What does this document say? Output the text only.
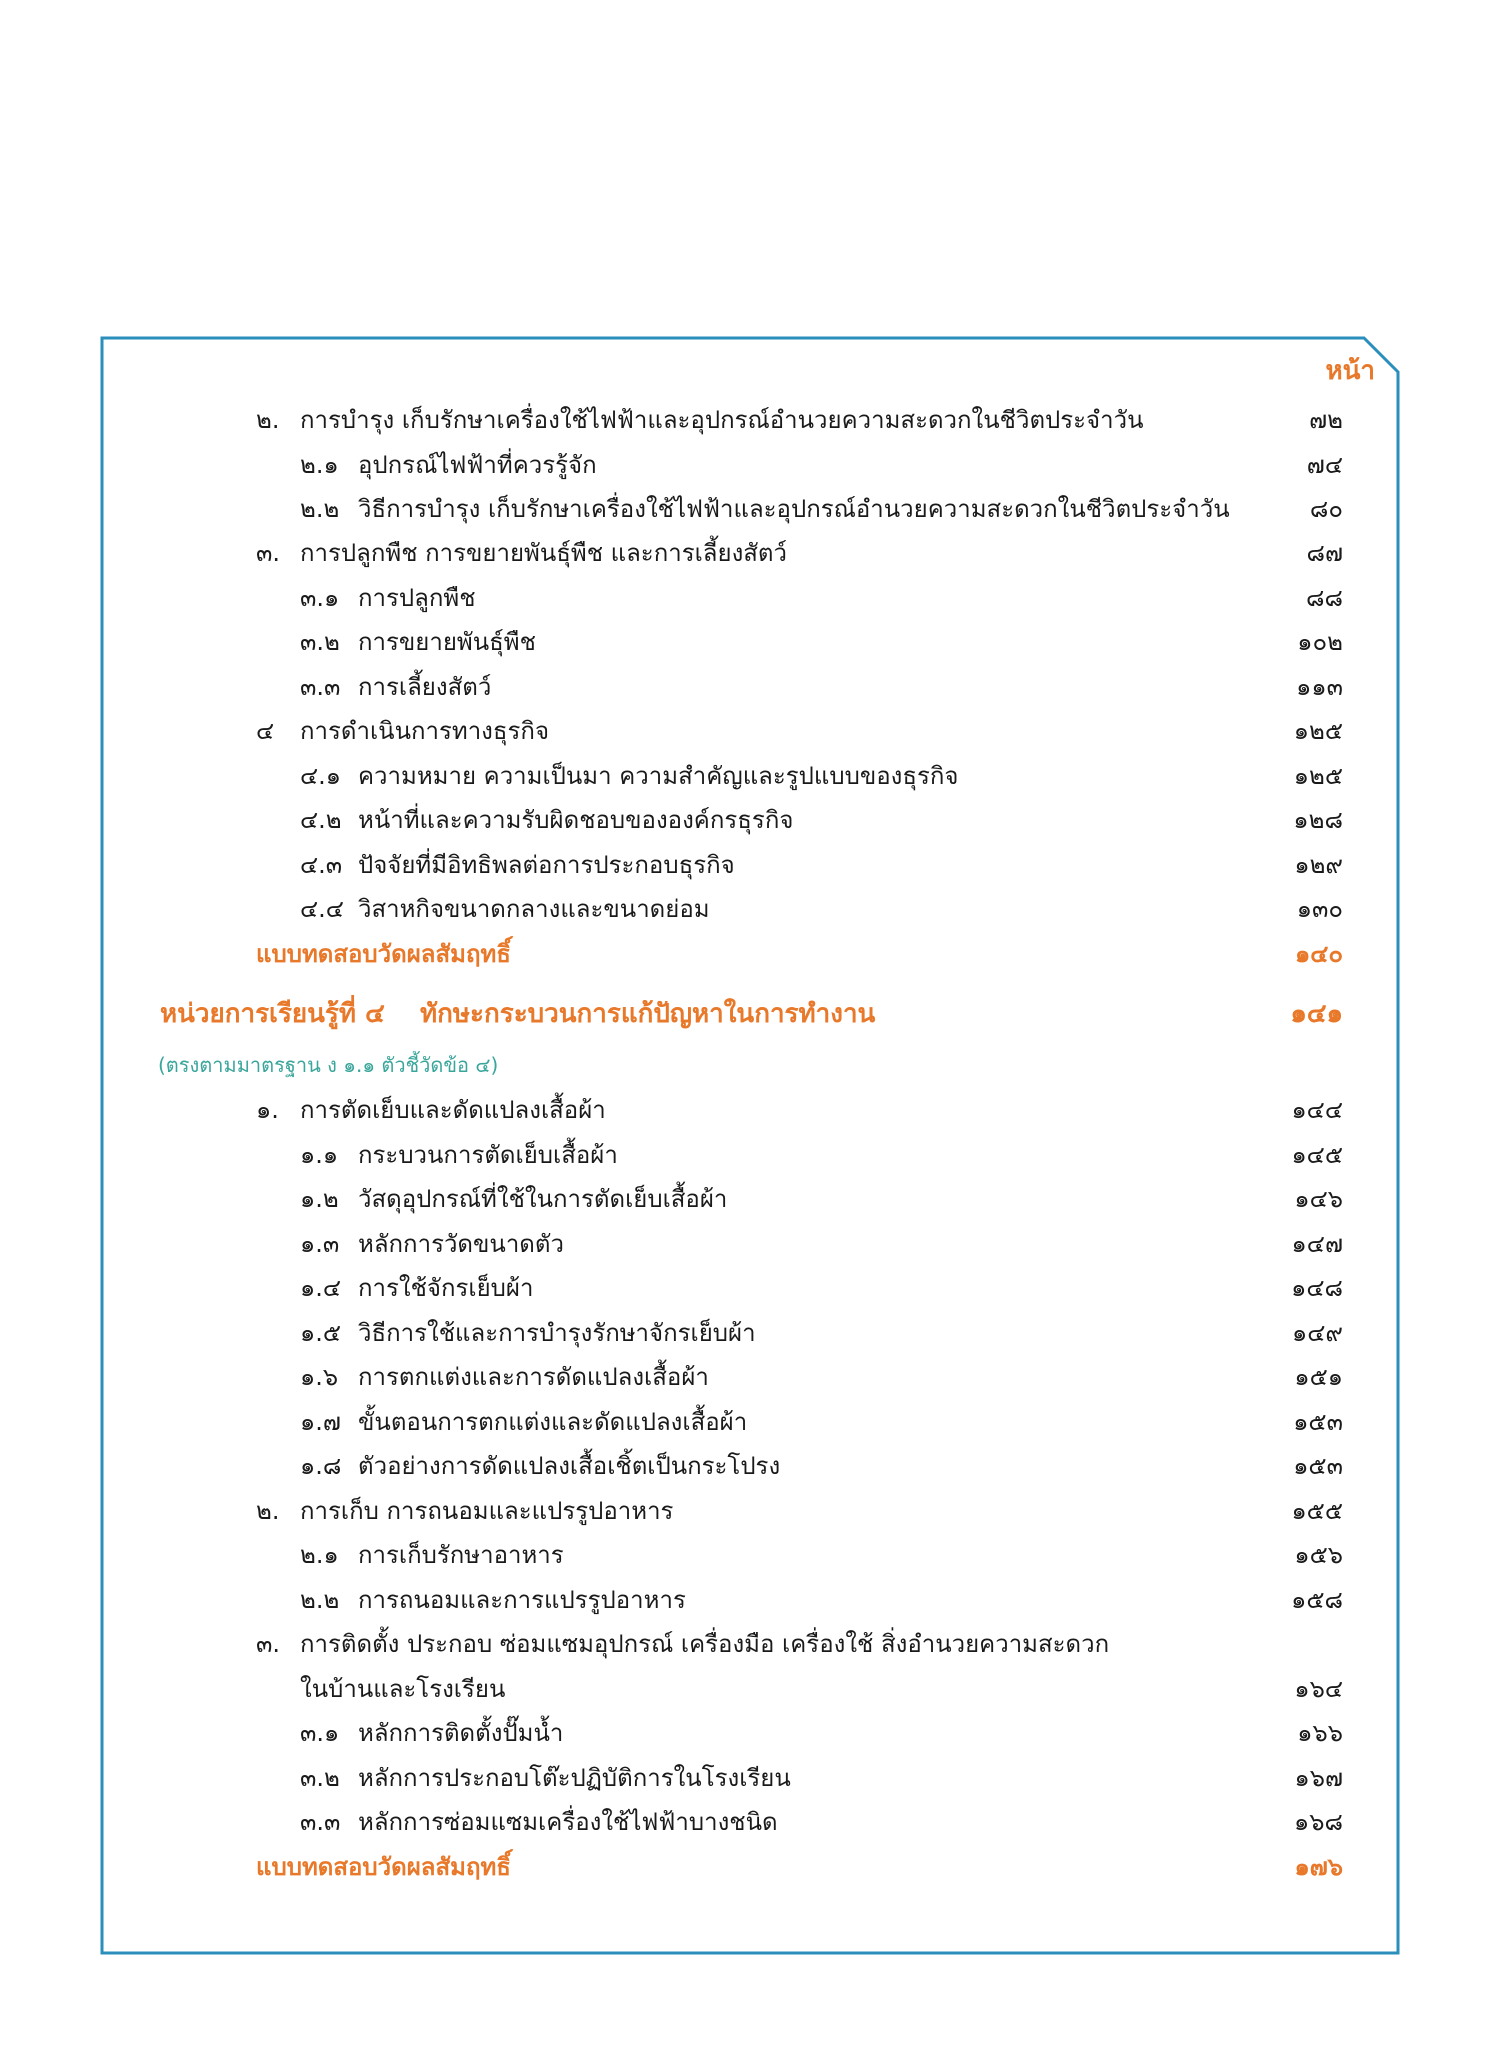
หน้า
๒. การบำรุง เก็บรักษาเครื่องใช้ไฟฟ้าและอุปกรณ์อำนวยความสะดวกในชีวิตประจำวัน	๗๒
๒.๑ อุปกรณ์ไฟฟ้าที่ควรรู้จัก	๗๔
๒.๒ วิธีการบำรุง เก็บรักษาเครื่องใช้ไฟฟ้าและอุปกรณ์อำนวยความสะดวกในชีวิตประจำวัน	๘๐
๓. การปลูกพืช การขยายพันธุ์พืช และการเลี้ยงสัตว์	๘๗
๓.๑ การปลูกพืช	๘๘
๓.๒ การขยายพันธุ์พืช	๑๐๒
๓.๓ การเลี้ยงสัตว์	๑๑๓
๔ การดำเนินการทางธุรกิจ	๑๒๕
๔.๑ ความหมาย ความเป็นมา ความสำคัญและรูปแบบของธุรกิจ	๑๒๕
๔.๒ หน้าที่และความรับผิดชอบขององค์กรธุรกิจ	๑๒๘
๔.๓ ปัจจัยที่มีอิทธิพลต่อการประกอบธุรกิจ	๑๒๙
๔.๔ วิสาหกิจขนาดกลางและขนาดย่อม	๑๓๐
แบบทดสอบวัดผลสัมฤทธิ์	๑๔๐
หน่วยการเรียนรู้ที่ ๔ ทักษะกระบวนการแก้ปัญหาในการทำงาน	๑๔๑
(ตรงตามมาตรฐาน ง ๑.๑ ตัวชี้วัดข้อ ๔)
๑. การตัดเย็บและดัดแปลงเสื้อผ้า	๑๔๔
๑.๑ กระบวนการตัดเย็บเสื้อผ้า	๑๔๕
๑.๒ วัสดุอุปกรณ์ที่ใช้ในการตัดเย็บเสื้อผ้า	๑๔๖
๑.๓ หลักการวัดขนาดตัว	๑๔๗
๑.๔ การใช้จักรเย็บผ้า	๑๔๘
๑.๕ วิธีการใช้และการบำรุงรักษาจักรเย็บผ้า	๑๔๙
๑.๖ การตกแต่งและการดัดแปลงเสื้อผ้า	๑๕๑
๑.๗ ขั้นตอนการตกแต่งและดัดแปลงเสื้อผ้า	๑๕๓
๑.๘ ตัวอย่างการดัดแปลงเสื้อเชิ้ตเป็นกระโปรง	๑๕๓
๒. การเก็บ การถนอมและแปรรูปอาหาร	๑๕๕
๒.๑ การเก็บรักษาอาหาร	๑๕๖
๒.๒ การถนอมและการแปรรูปอาหาร	๑๕๘
๓. การติดตั้ง ประกอบ ซ่อมแซมอุปกรณ์ เครื่องมือ เครื่องใช้ สิ่งอำนวยความสะดวก
ในบ้านและโรงเรียน	๑๖๔
๓.๑ หลักการติดตั้งปั๊มน้ำ	๑๖๖
๓.๒ หลักการประกอบโต๊ะปฏิบัติการในโรงเรียน	๑๖๗
๓.๓ หลักการซ่อมแซมเครื่องใช้ไฟฟ้าบางชนิด	๑๖๘
แบบทดสอบวัดผลสัมฤทธิ์	๑๗๖
